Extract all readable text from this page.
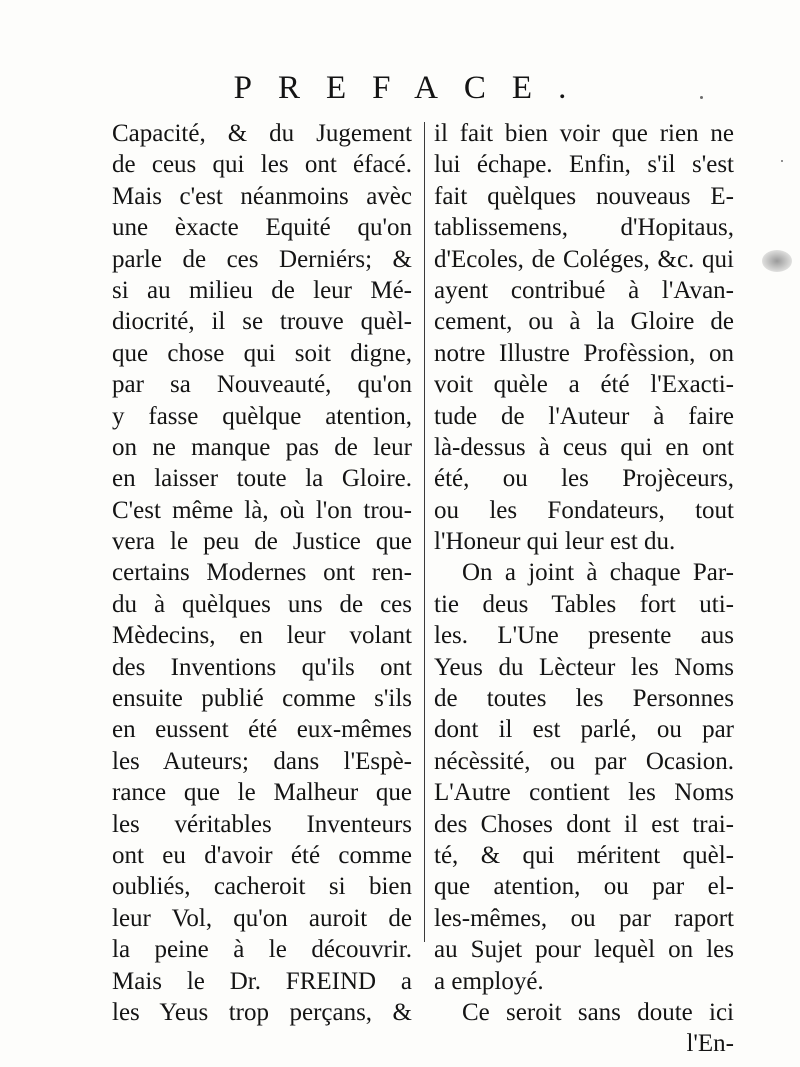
PREFACE.
Capacité, & du Jugement
de ceus qui les ont éfacé.
Mais c'est néanmoins avèc
une èxacte Equité qu'on
parle de ces Derniérs; &
si au milieu de leur Mé-
diocrité, il se trouve quèl-
que chose qui soit digne,
par sa Nouveauté, qu'on
y fasse quèlque atention,
on ne manque pas de leur
en laisser toute la Gloire.
C'est même là, où l'on trou-
vera le peu de Justice que
certains Modernes ont ren-
du à quèlques uns de ces
Mèdecins, en leur volant
des Inventions qu'ils ont
ensuite publié comme s'ils
en eussent été eux-mêmes
les Auteurs; dans l'Espè-
rance que le Malheur que
les véritables Inventeurs
ont eu d'avoir été comme
oubliés, cacheroit si bien
leur Vol, qu'on auroit de
la peine à le découvrir.
Mais le Dr. FREIND a
les Yeus trop perçans, &
il fait bien voir que rien ne
lui échape. Enfin, s'il s'est
fait quèlques nouveaus E-
tablissemens, d'Hopitaus,
d'Ecoles, de Coléges, &c. qui
ayent contribué à l'Avan-
cement, ou à la Gloire de
notre Illustre Profèssion, on
voit quèle a été l'Exacti-
tude de l'Auteur à faire
là-dessus à ceus qui en ont
été, ou les Projèceurs,
ou les Fondateurs, tout
l'Honeur qui leur est du.
On a joint à chaque Par-
tie deus Tables fort uti-
les. L'Une presente aus
Yeus du Lècteur les Noms
de toutes les Personnes
dont il est parlé, ou par
nécèssité, ou par Ocasion.
L'Autre contient les Noms
des Choses dont il est trai-
té, & qui méritent quèl-
que atention, ou par el-
les-mêmes, ou par raport
au Sujet pour lequèl on les
a employé.
Ce seroit sans doute ici
l'En-
